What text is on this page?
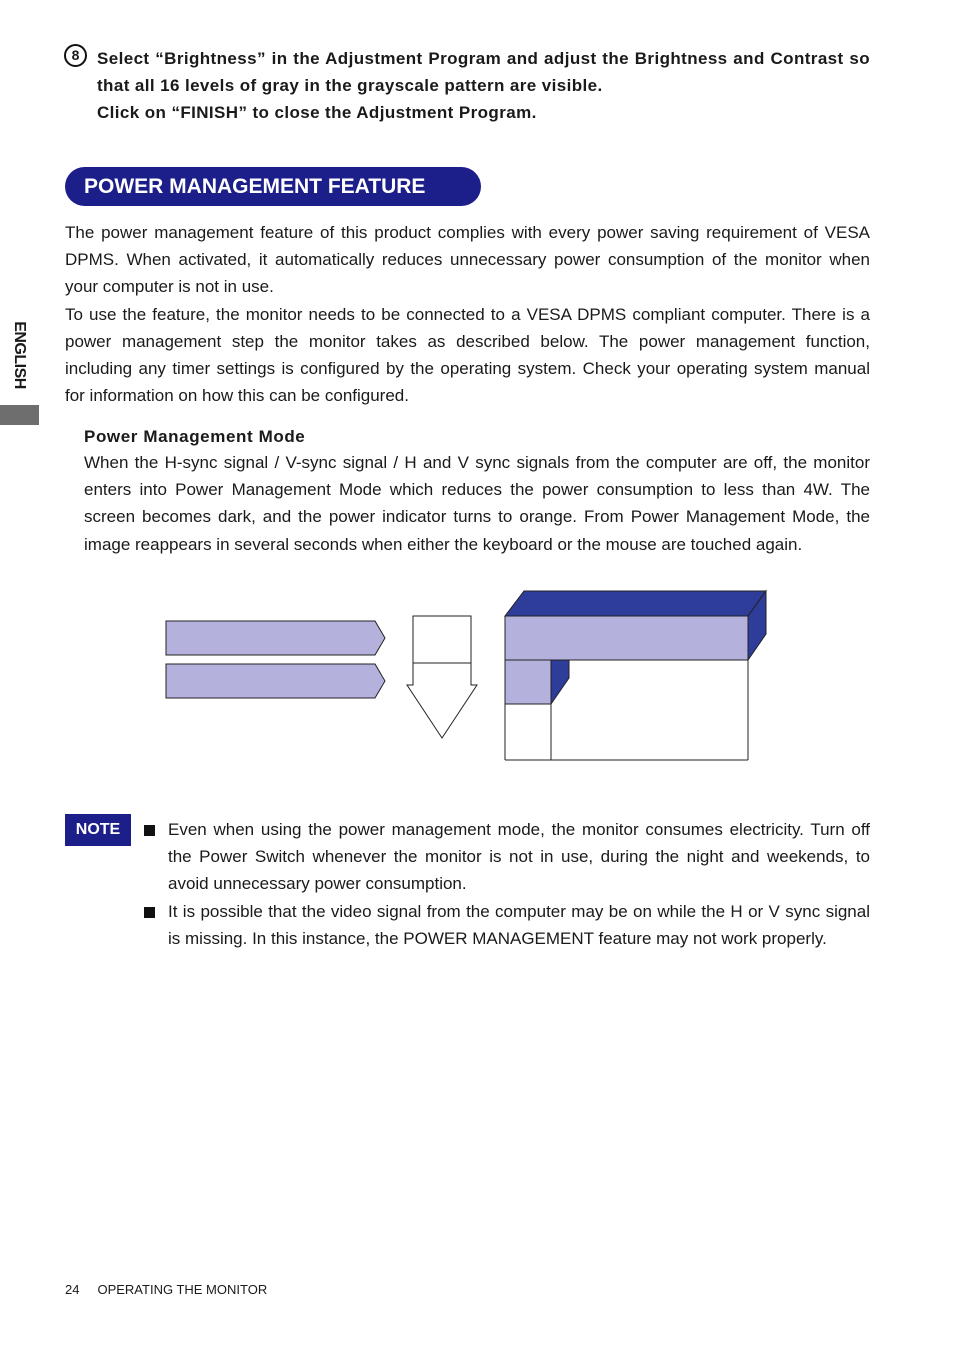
8	Select “Brightness” in the Adjustment Program and adjust the Brightness and Contrast so that all 16 levels of gray in the grayscale pattern are visible.

Click on “FINISH” to close the Adjustment Program.

POWER MANAGEMENT FEATURE

The power management feature of this product complies with every power saving requirement of VESA DPMS. When activated, it automatically reduces unnecessary power consumption of the monitor when your computer is not in use.

To use the feature, the monitor needs to be connected to a VESA DPMS compliant computer. There is a power management step the monitor takes as described below. The power management function, including any timer settings is configured by the operating system. Check your operating system manual for information on how this can be configured.

ENGLISH
Power Management Mode

When the H-sync signal / V-sync signal / H and V sync signals from the computer are off, the monitor enters into Power Management Mode which reduces the power consumption to less than 4W. The screen becomes dark, and the power indicator turns to orange. From Power Management Mode, the image reappears in several seconds when either the keyboard or the mouse are touched again.

NOTE	Even when using the power management mode, the monitor consumes electricity. Turn off the Power Switch whenever the monitor is not in use, during the night and weekends, to avoid unnecessary power consumption.
It is possible that the video signal from the computer may be on while the H or V sync signal is missing. In this instance, the POWER MANAGEMENT feature may not work properly.
24 OPERATING THE MONITOR
